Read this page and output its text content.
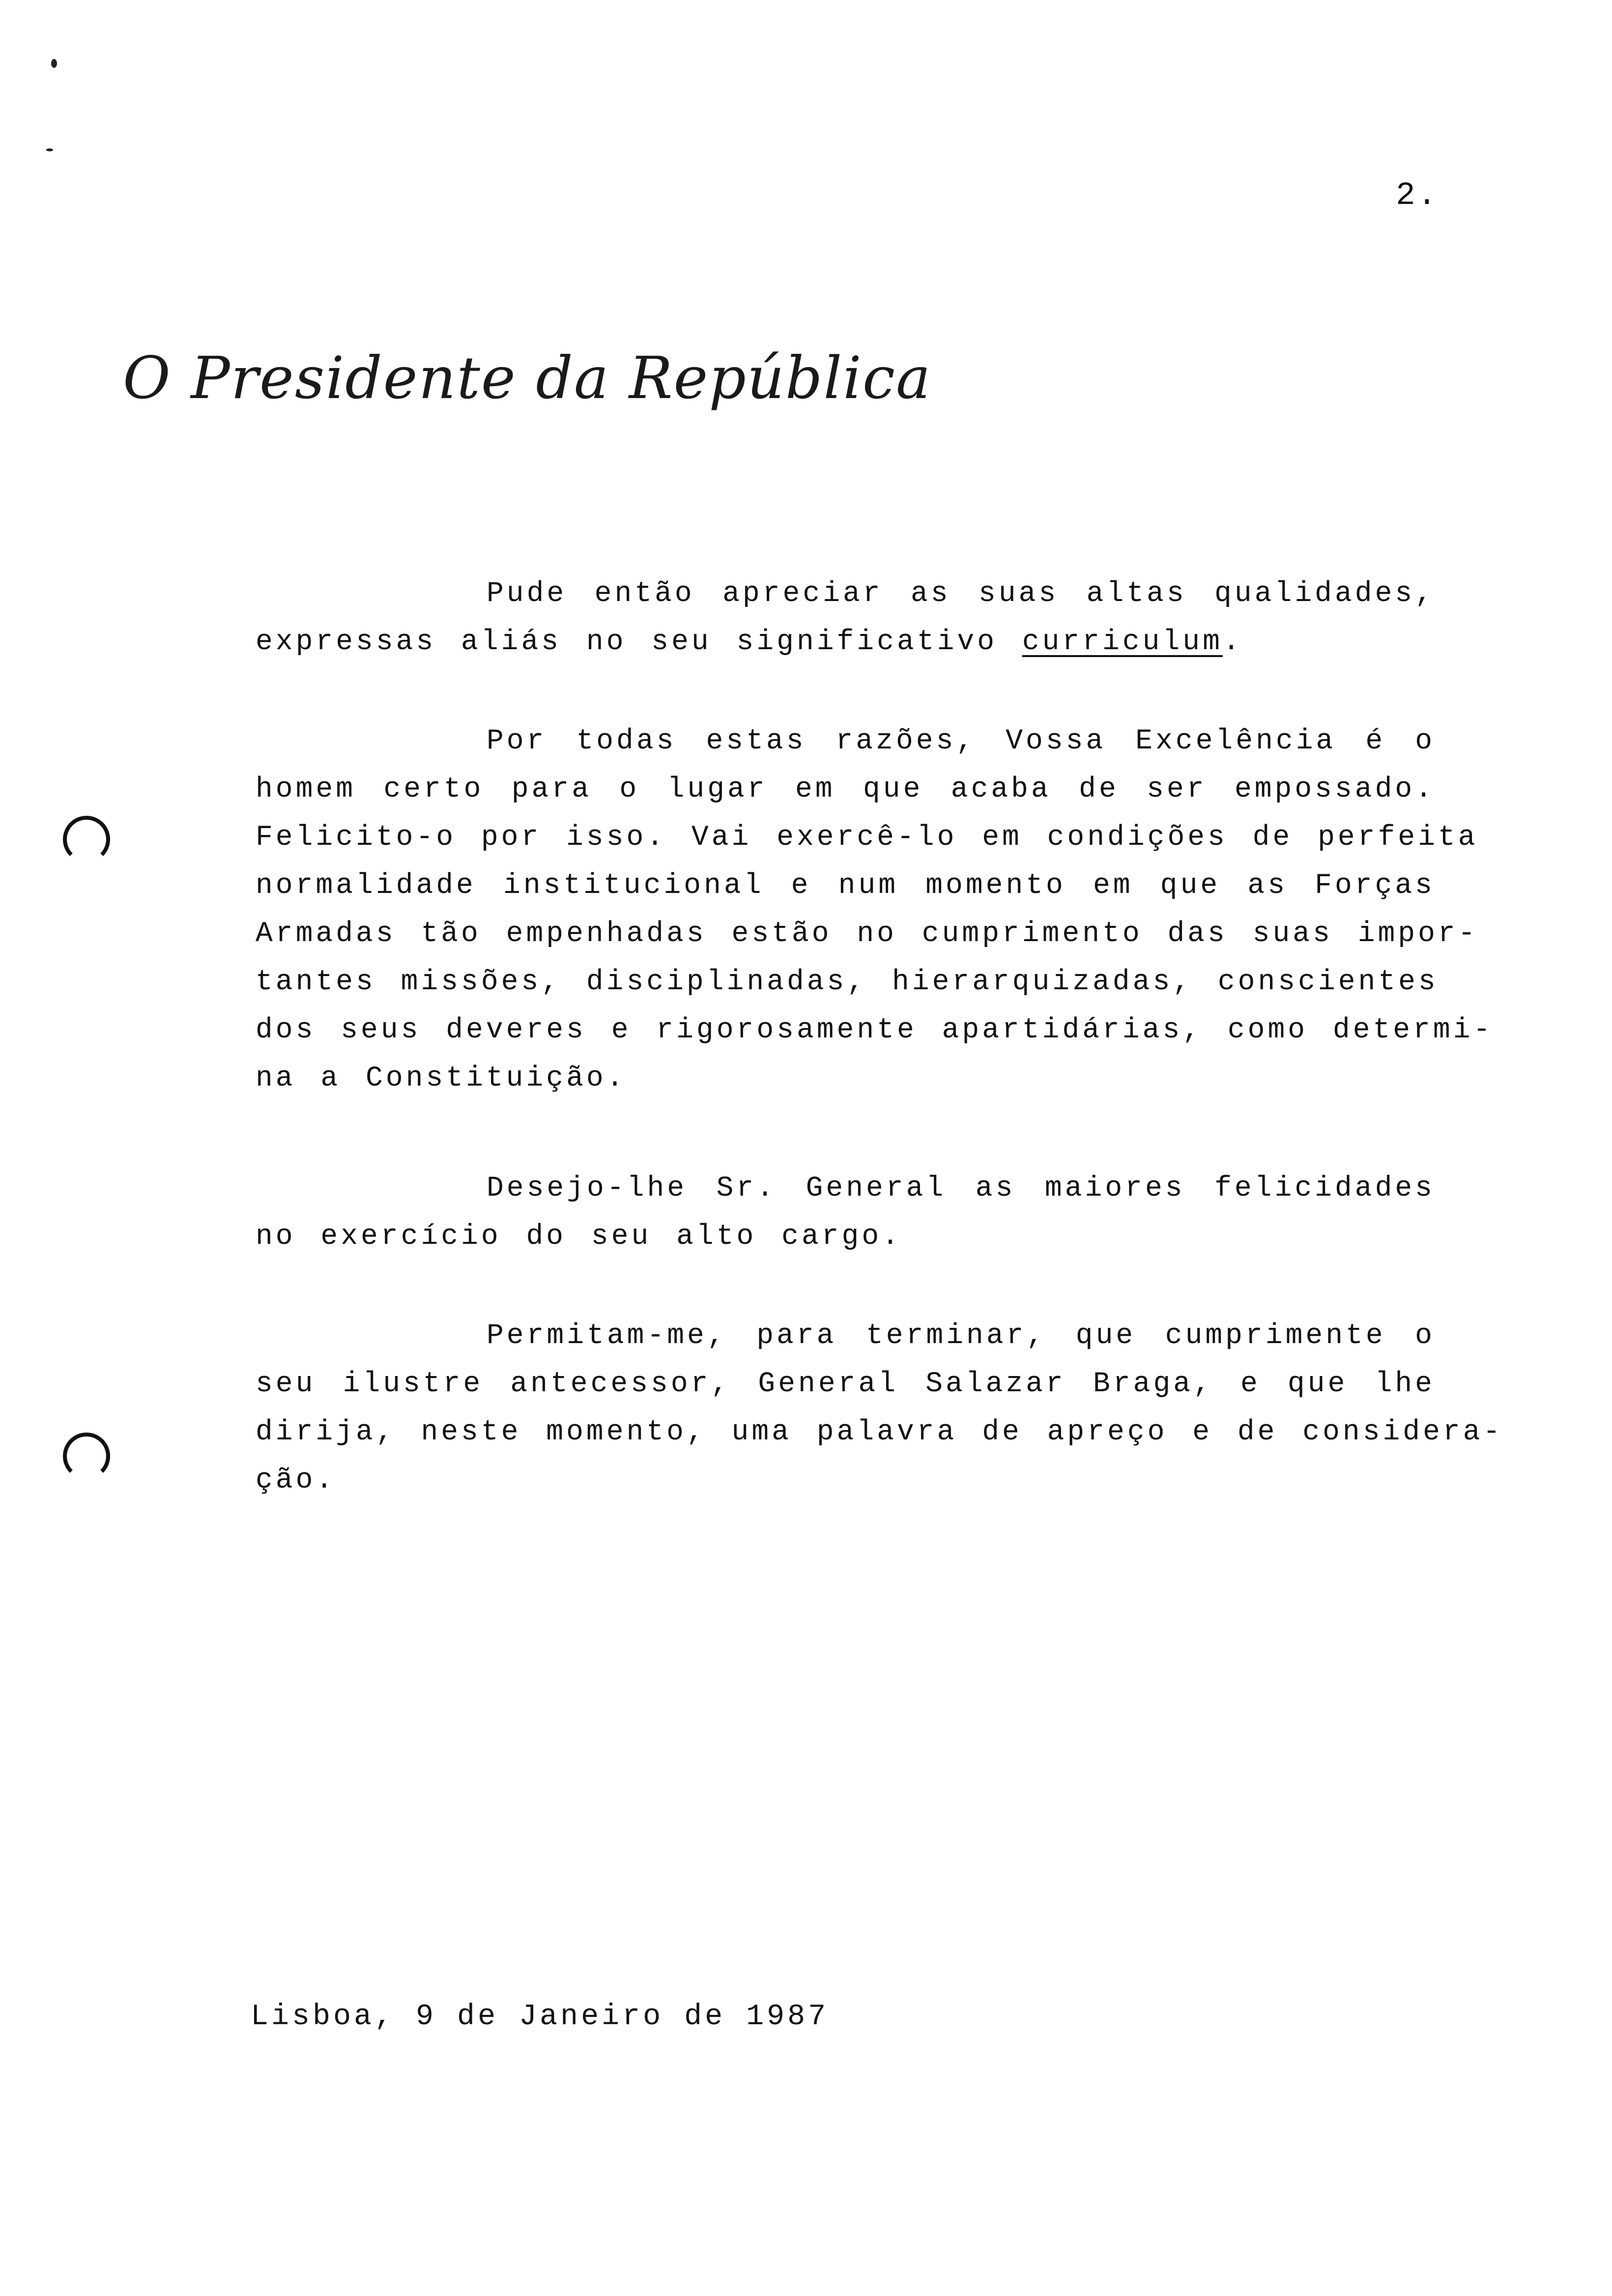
2.
O Presidente da República
Pude então apreciar as suas altas qualidades,
expressas aliás no seu significativo curriculum.
Por todas estas razões, Vossa Excelência é o
homem certo para o lugar em que acaba de ser empossado.
Felicito-o por isso. Vai exercê-lo em condições de perfeita
normalidade institucional e num momento em que as Forças
Armadas tão empenhadas estão no cumprimento das suas impor-
tantes missões, disciplinadas, hierarquizadas, conscientes
dos seus deveres e rigorosamente apartidárias, como determi-
na a Constituição.
Desejo-lhe Sr. General as maiores felicidades
no exercício do seu alto cargo.
Permitam-me, para terminar, que cumprimente o
seu ilustre antecessor, General Salazar Braga, e que lhe
dirija, neste momento, uma palavra de apreço e de considera-
ção.
Lisboa, 9 de Janeiro de 1987
